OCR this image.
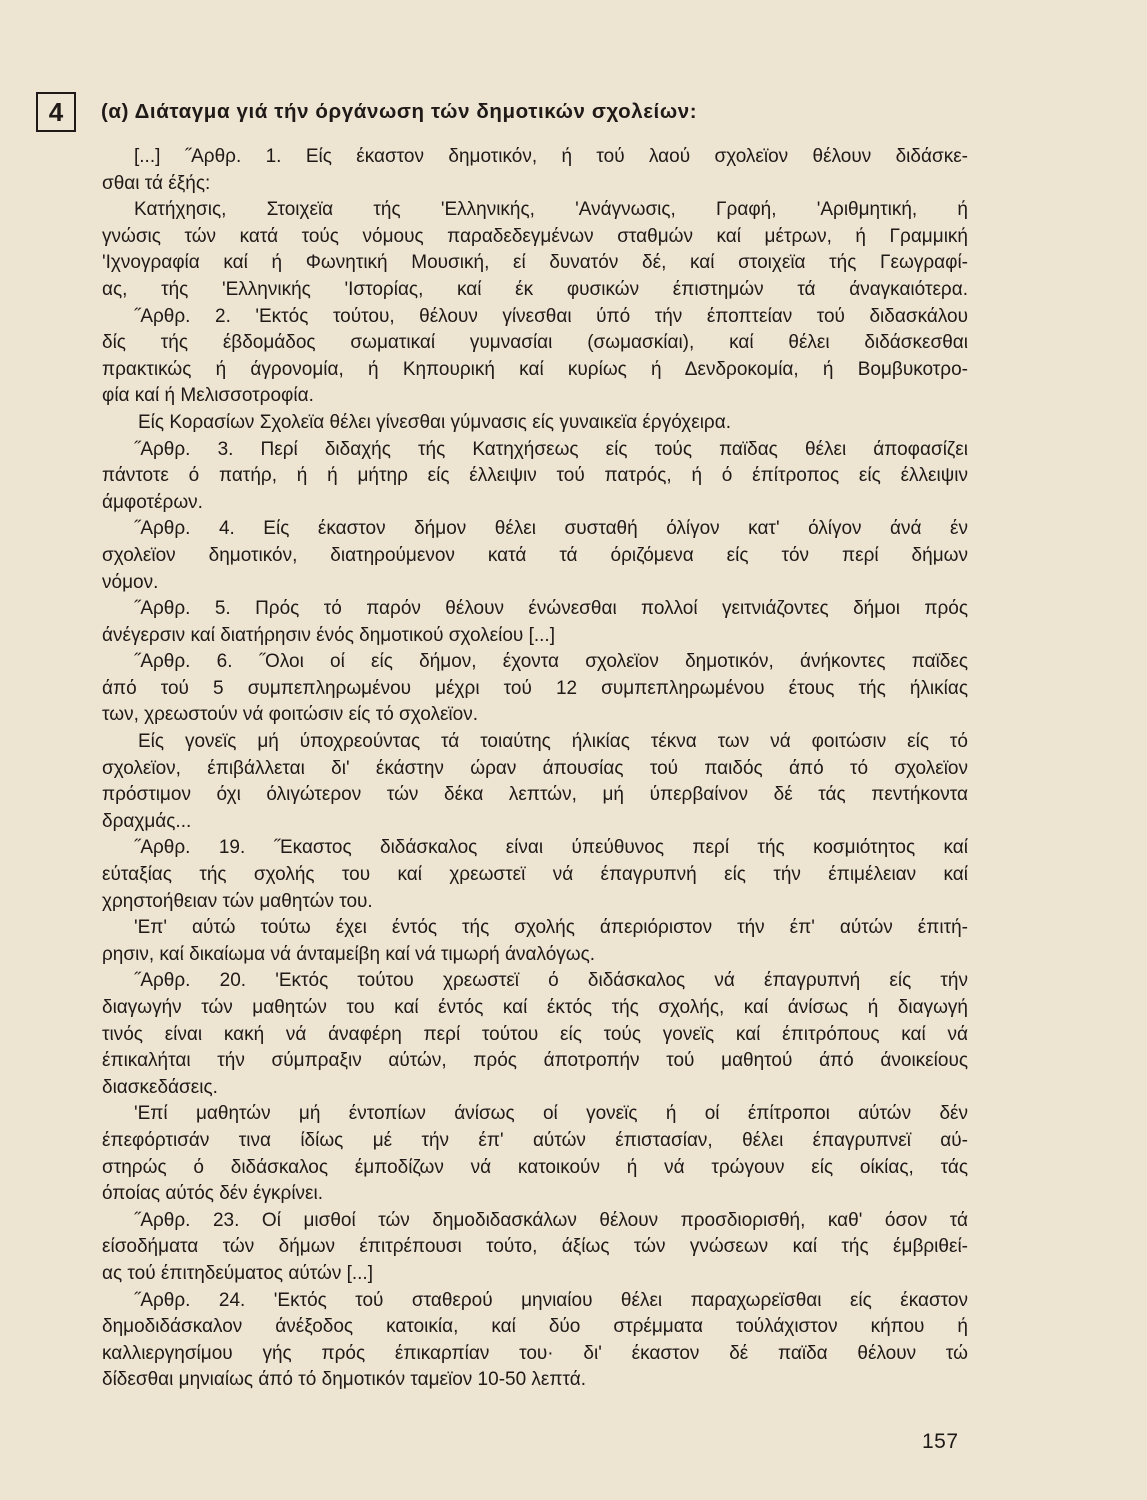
4	(α) Διάταγμα γιά τήν όργάνωση τών δημοτικών σχολείων:
[...] ˝Αρθρ. 1. Είς έκαστον δημοτικόν, ή τού λαού σχολεϊον θέλουν διδάσκε-
σθαι τά έξής:
Κατήχησις, Στοιχεϊα τής 'Ελληνικής, 'Ανάγνωσις, Γραφή, 'Αριθμητική, ή
γνώσις τών κατά τούς νόμους παραδεδεγμένων σταθμών καί μέτρων, ή Γραμμική
'Ιχνογραφία καί ή Φωνητική Μουσική, εί δυνατόν δέ, καί στοιχεϊα τής Γεωγραφί-
ας, τής 'Ελληνικής 'Ιστορίας, καί έκ φυσικών έπιστημών τά άναγκαιότερα.
˝Αρθρ. 2. 'Εκτός τούτου, θέλουν γίνεσθαι ύπό τήν έποπτείαν τού διδασκάλου
δίς τής έβδομάδος σωματικαί γυμνασίαι (σωμασκίαι), καί θέλει διδάσκεσθαι
πρακτικώς ή άγρονομία, ή Κηπουρική καί κυρίως ή Δενδροκομία, ή Βομβυκοτρο-
φία καί ή Μελισσοτροφία.
Είς Κορασίων Σχολεϊα θέλει γίνεσθαι γύμνασις είς γυναικεϊα έργόχειρα.
˝Αρθρ. 3. Περί διδαχής τής Κατηχήσεως είς τούς παϊδας θέλει άποφασίζει
πάντοτε ό πατήρ, ή ή μήτηρ είς έλλειψιν τού πατρός, ή ό έπίτροπος είς έλλειψιν
άμφοτέρων.
˝Αρθρ. 4. Είς έκαστον δήμον θέλει συσταθή όλίγον κατ' όλίγον άνά έν
σχολεϊον δημοτικόν, διατηρούμενον κατά τά όριζόμενα είς τόν περί δήμων
νόμον.
˝Αρθρ. 5. Πρός τό παρόν θέλουν ένώνεσθαι πολλοί γειτνιάζοντες δήμοι πρός
άνέγερσιν καί διατήρησιν ένός δημοτικού σχολείου [...]
˝Αρθρ. 6. ˝Ολοι οί είς δήμον, έχοντα σχολεϊον δημοτικόν, άνήκοντες παϊδες
άπό τού 5 συμπεπληρωμένου μέχρι τού 12 συμπεπληρωμένου έτους τής ήλικίας
των, χρεωστούν νά φοιτώσιν είς τό σχολεϊον.
Είς γονεϊς μή ύποχρεούντας τά τοιαύτης ήλικίας τέκνα των νά φοιτώσιν είς τό
σχολεϊον, έπιβάλλεται δι' έκάστην ώραν άπουσίας τού παιδός άπό τό σχολεϊον
πρόστιμον όχι όλιγώτερον τών δέκα λεπτών, μή ύπερβαίνον δέ τάς πεντήκοντα
δραχμάς...
˝Αρθρ. 19. ˝Εκαστος διδάσκαλος είναι ύπεύθυνος περί τής κοσμιότητος καί
εύταξίας τής σχολής του καί χρεωστεϊ νά έπαγρυπνή είς τήν έπιμέλειαν καί
χρηστοήθειαν τών μαθητών του.
'Επ' αύτώ τούτω έχει έντός τής σχολής άπεριόριστον τήν έπ' αύτών έπιτή-
ρησιν, καί δικαίωμα νά άνταμείβη καί νά τιμωρή άναλόγως.
˝Αρθρ. 20. 'Εκτός τούτου χρεωστεϊ ό διδάσκαλος νά έπαγρυπνή είς τήν
διαγωγήν τών μαθητών του καί έντός καί έκτός τής σχολής, καί άνίσως ή διαγωγή
τινός είναι κακή νά άναφέρη περί τούτου είς τούς γονεϊς καί έπιτρόπους καί νά
έπικαλήται τήν σύμπραξιν αύτών, πρός άποτροπήν τού μαθητού άπό άνοικείους
διασκεδάσεις.
'Επί μαθητών μή έντοπίων άνίσως οί γονεϊς ή οί έπίτροποι αύτών δέν
έπεφόρτισάν τινα ίδίως μέ τήν έπ' αύτών έπιστασίαν, θέλει έπαγρυπνεϊ αύ-
στηρώς ό διδάσκαλος έμποδίζων νά κατοικούν ή νά τρώγουν είς οίκίας, τάς
όποίας αύτός δέν έγκρίνει.
˝Αρθρ. 23. Οί μισθοί τών δημοδιδασκάλων θέλουν προσδιορισθή, καθ' όσον τά
είσοδήματα τών δήμων έπιτρέπουσι τούτο, άξίως τών γνώσεων καί τής έμβριθεί-
ας τού έπιτηδεύματος αύτών [...]
˝Αρθρ. 24. 'Εκτός τού σταθερού μηνιαίου θέλει παραχωρεϊσθαι είς έκαστον
δημοδιδάσκαλον άνέξοδος κατοικία, καί δύο στρέμματα τούλάχιστον κήπου ή
καλλιεργησίμου γής πρός έπικαρπίαν του· δι' έκαστον δέ παϊδα θέλουν τώ
δίδεσθαι μηνιαίως άπό τό δημοτικόν ταμεϊον 10-50 λεπτά.
157
